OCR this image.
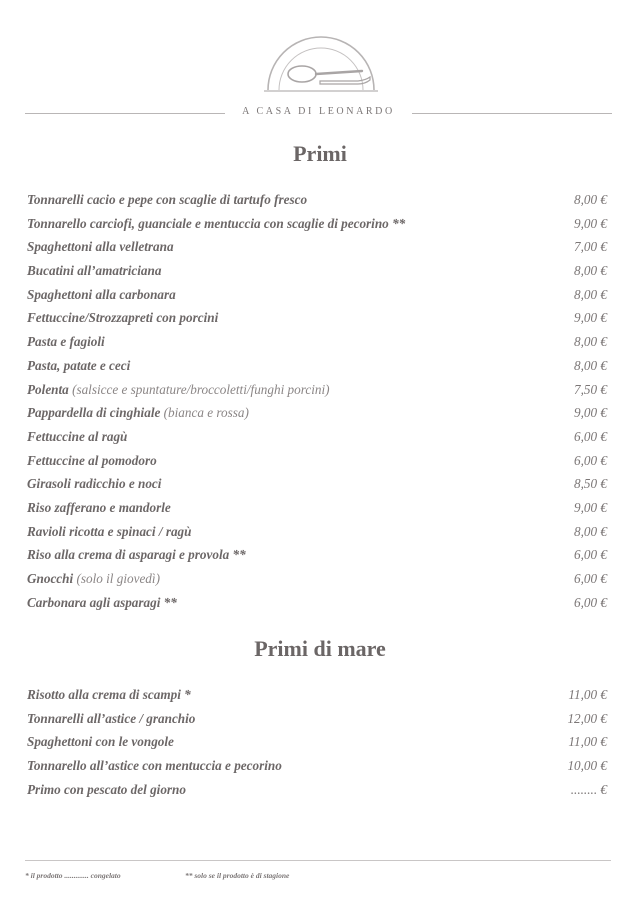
A CASA DI LEONARDO
Primi
Tonnarelli cacio e pepe con scaglie di tartufo fresco	8,00 €
Tonnarello carciofi, guanciale e mentuccia con scaglie di pecorino **	9,00 €
Spaghettoni alla velletrana	7,00 €
Bucatini all’amatriciana	8,00 €
Spaghettoni alla carbonara	8,00 €
Fettuccine/Strozzapreti con porcini	9,00 €
Pasta e fagioli	8,00 €
Pasta, patate e ceci	8,00 €
Polenta (salsicce e spuntature/broccoletti/funghi porcini)	7,50 €
Pappardella di cinghiale (bianca e rossa)	9,00 €
Fettuccine al ragù	6,00 €
Fettuccine al pomodoro	6,00 €
Girasoli radicchio e noci	8,50 €
Riso zafferano e mandorle	9,00 €
Ravioli ricotta e spinaci / ragù	8,00 €
Riso alla crema di asparagi e provola **	6,00 €
Gnocchi (solo il giovedì)	6,00 €
Carbonara agli asparagi **	6,00 €
Primi di mare
Risotto alla crema di scampi *	11,00 €
Tonnarelli all’astice / granchio	12,00 €
Spaghettoni con le vongole	11,00 €
Tonnarello all’astice con mentuccia e pecorino	10,00 €
Primo con pescato del giorno	........ €
* il prodotto ............. congelato	** solo se il prodotto è di stagione
